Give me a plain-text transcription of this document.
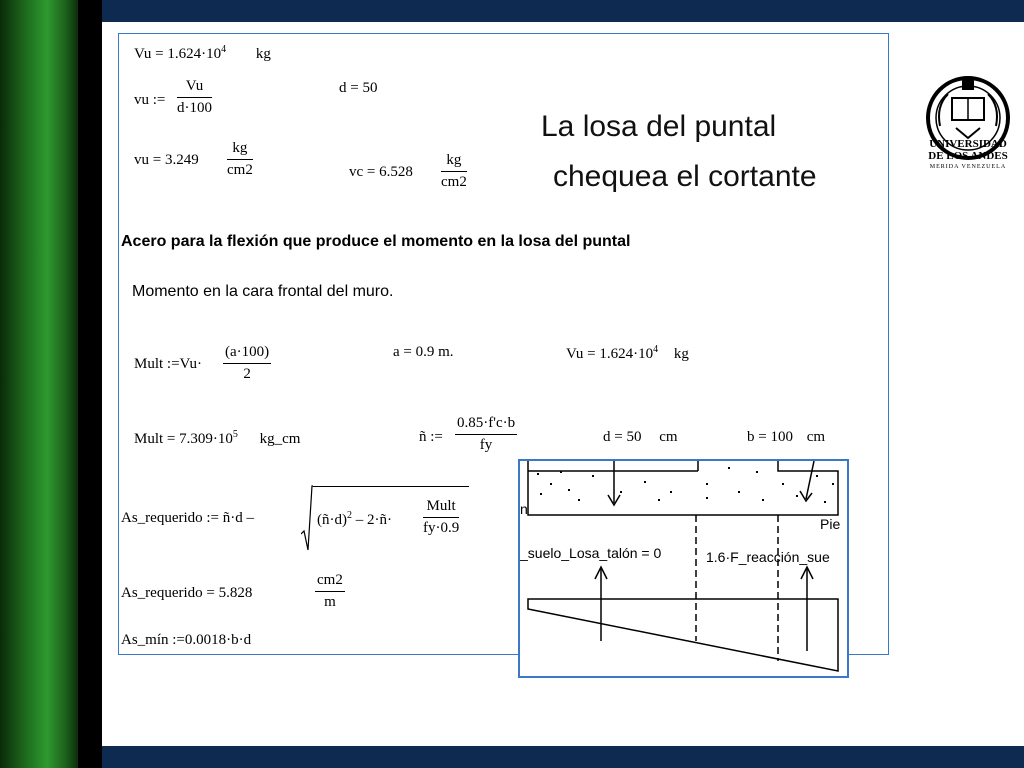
$Vu = 1.624\cdot 10^4$ kg
vu := $\frac{Vu}{d\cdot 100}$	d = 50
vu = $3.249 \frac{kg}{cm2}$	vc = $6.528 \frac{kg}{cm2}$
La losa del puntal
chequea el cortante
Acero para la flexión que produce el momento en la losa del puntal
Momento en la cara frontal del muro.
Mult :=Vu· $\frac{(a\cdot 100)}{2}$	a = 0.9 m.	$Vu = 1.624\cdot 10^4$ kg
Mult = $7.309\cdot 10^5$ kg_cm	ñ := $\frac{0.85\cdot f'c\cdot b}{fy}$	d = 50 cm	b = 100 cm
As_requerido := ñ·d –	(ñ·d)$^2$ – 2·ñ·
Mult
fy·0.9
As_requerido = 5.828	$\frac{cm2}{m}$
As_mín :=0.0018·b·d
UNIVERSIDAD
DE LOS ANDES
MERIDA VENEZUELA
n
Pie
_suelo_Losa_talón = 0	1.6·F_reacción_sue
